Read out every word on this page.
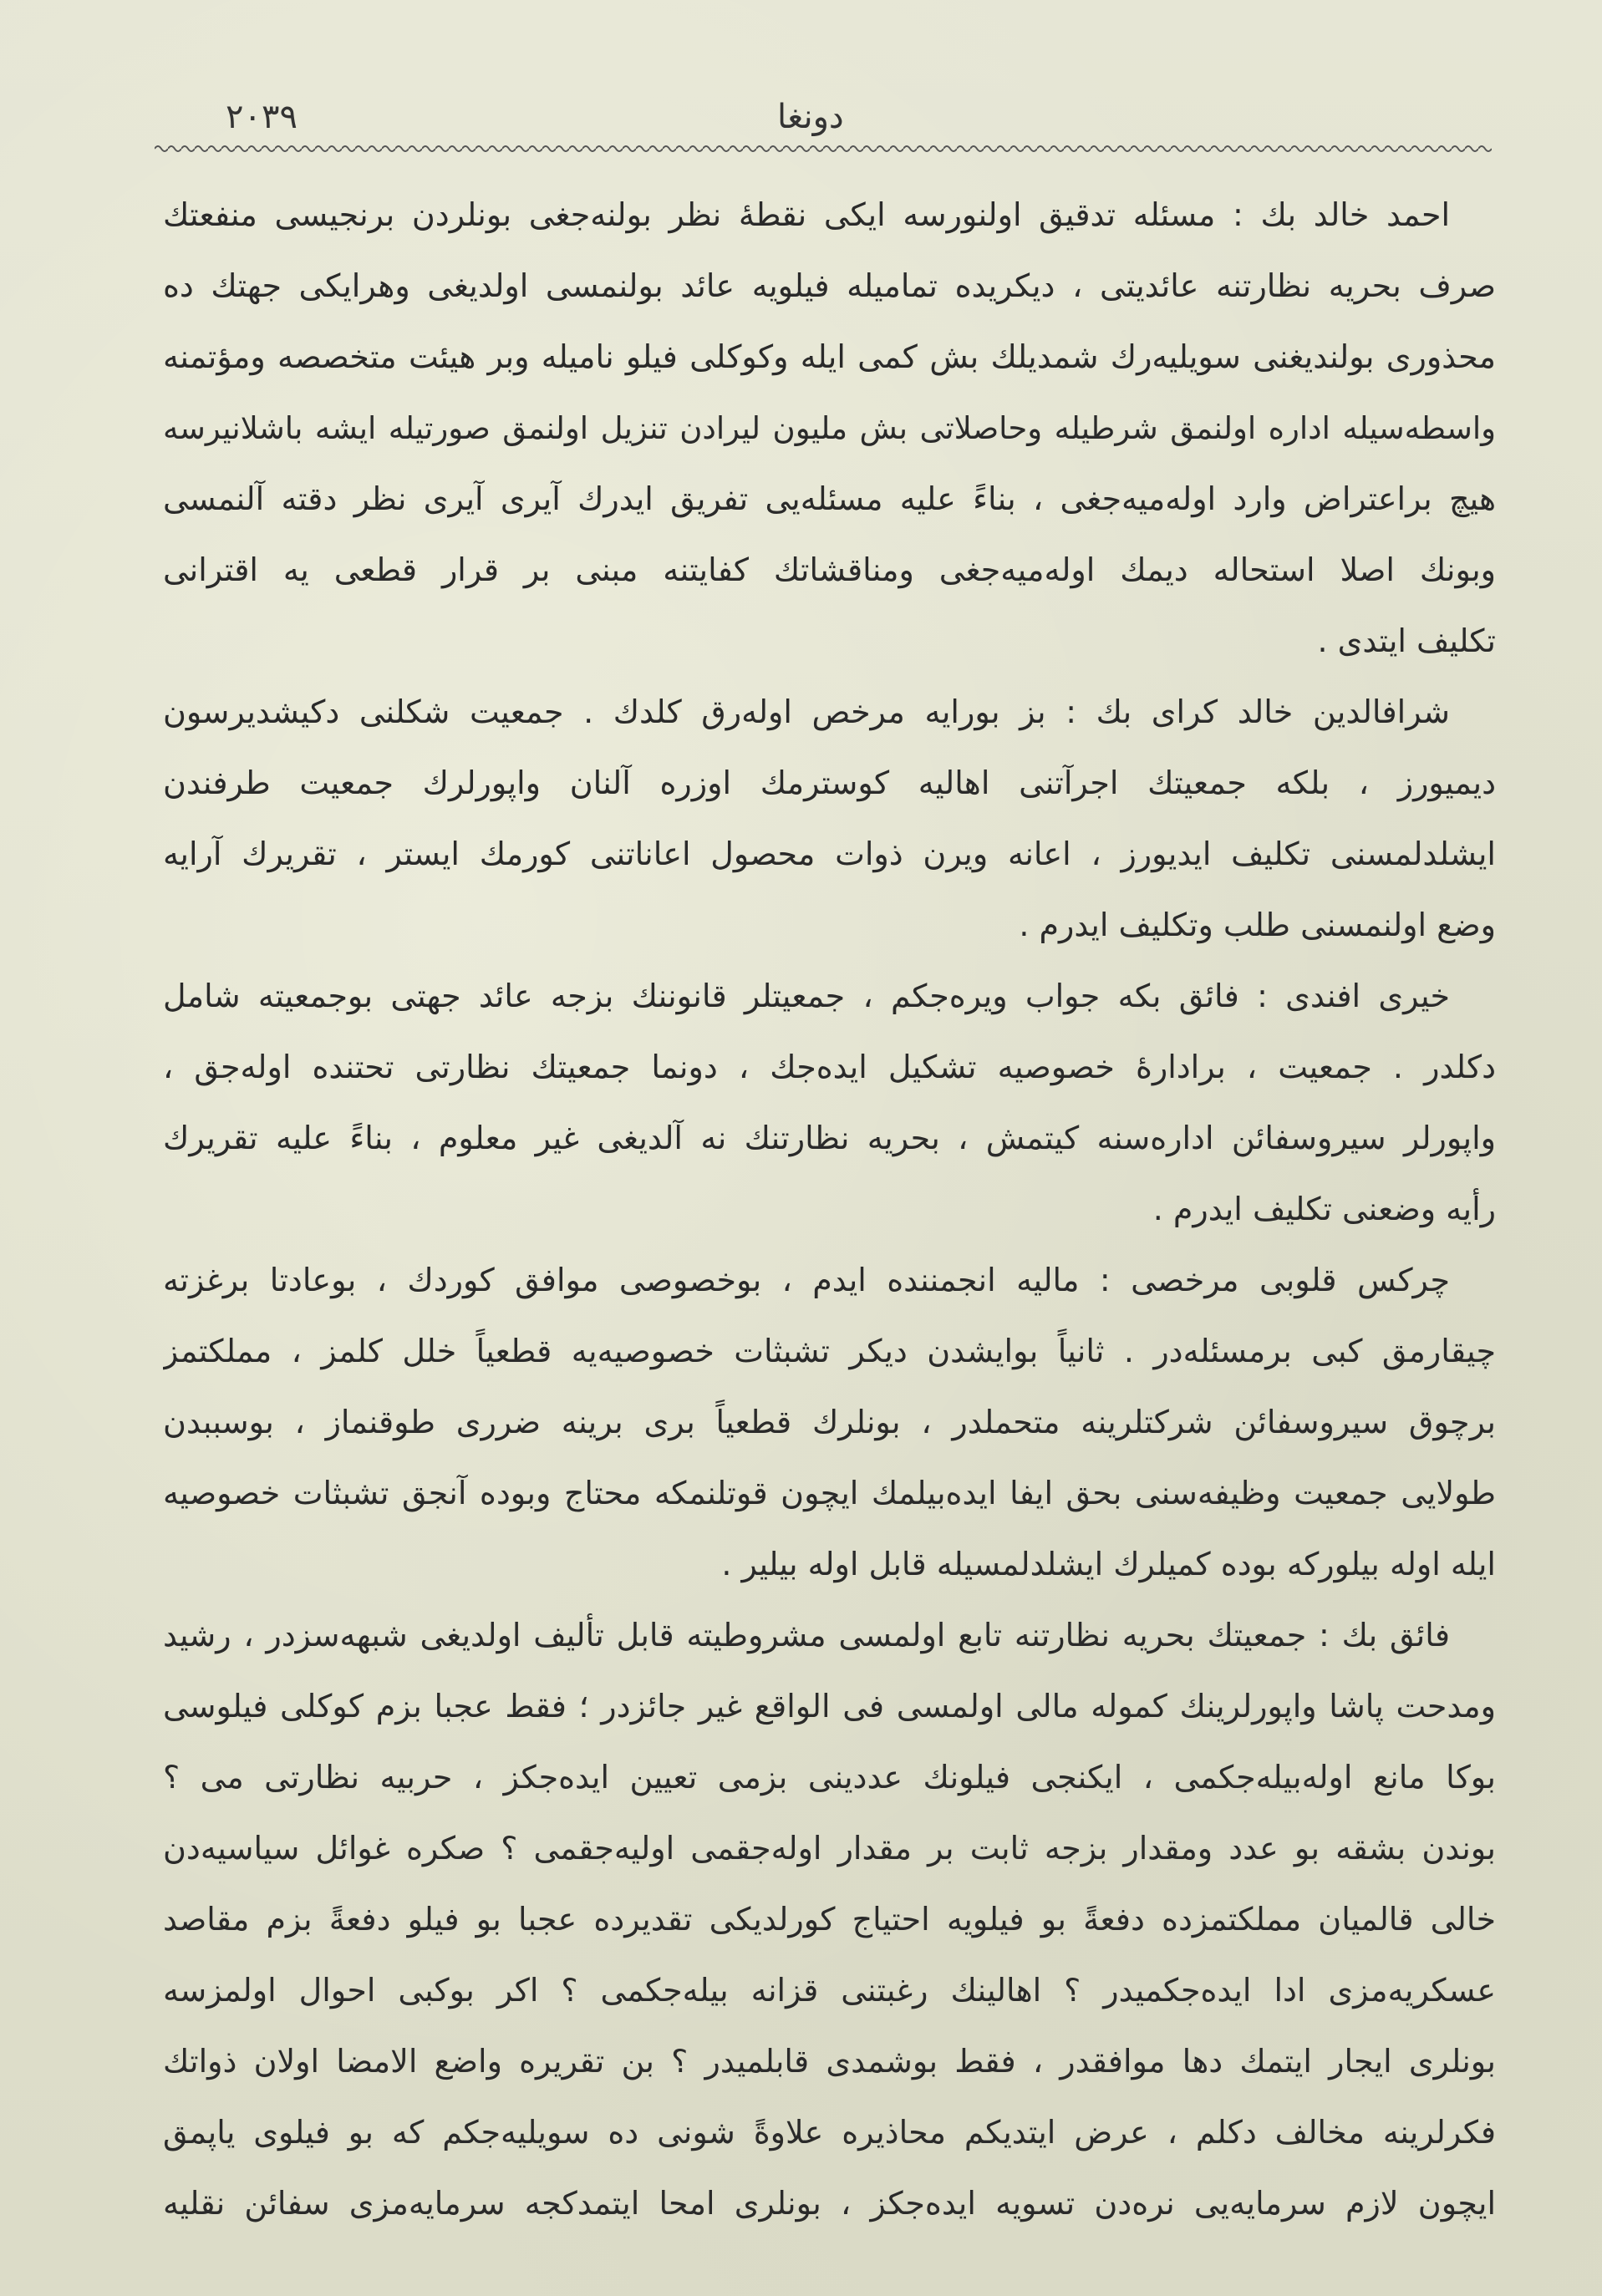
٢٠٣٩	دونغا
احمد خالد بك : مسئله تدقيق اولنورسه ايكى نقطهٔ نظر بولنه‌جغى بونلردن برنجيسى منفعتك
صرف بحريه نظارتنه عائديتى ، ديكريده تماميله فيلويه عائد بولنمسى اولديغى وهرايكى جهتك ده
محذورى بولنديغنى سويليه‌رك شمديلك بش كمى ايله وكوكلى فيلو ناميله وبر هيئت متخصصه ومؤتمنه
واسطه‌سيله اداره اولنمق شرطيله وحاصلاتى بش مليون ليرادن تنزيل اولنمق صورتيله ايشه باشلانيرسه
هيچ براعتراض وارد اوله‌ميه‌جغى ، بناءً عليه مسئله‌يى تفريق ايدرك آيرى آيرى نظر دقته آلنمسى
وبونك اصلا استحاله ديمك اوله‌ميه‌جغى ومناقشاتك كفايتنه مبنى بر قرار قطعى يه اقترانى
تكليف ايتدى .
شرافالدين خالد كراى بك : بز بورايه مرخص اوله‌رق كلدك . جمعيت شكلنى دكيشديرسون
ديميورز ، بلكه جمعيتك اجرآتنى اهاليه كوسترمك اوزره آلنان واپورلرك جمعيت طرفندن
ايشلدلمسنى تكليف ايديورز ، اعانه ويرن ذوات محصول اعاناتنى كورمك ايستر ، تقريرك آرايه
وضع اولنمسنى طلب وتكليف ايدرم .
خيرى افندى : فائق بكه جواب ويره‌جكم ، جمعيتلر قانوننك بزجه عائد جهتى بوجمعيته شامل
دكلدر . جمعيت ، براداره‌ٔ خصوصيه تشكيل ايده‌جك ، دونما جمعيتك نظارتى تحتنده اوله‌جق ،
واپورلر سيروسفائن اداره‌سنه كيتمش ، بحريه نظارتنك نه آلديغى غير معلوم ، بناءً عليه تقريرك
رأيه وضعنى تكليف ايدرم .
چركس قلوبى مرخصى : ماليه انجمننده ايدم ، بوخصوصى موافق كوردك ، بوعادتا برغزته
چيقارمق كبى برمسئله‌در . ثانياً بوايشدن ديكر تشبثات خصوصيه‌يه قطعياً خلل كلمز ، مملكتمز
برچوق سيروسفائن شركتلرينه متحملدر ، بونلرك قطعياً برى برينه ضررى طوقنماز ، بوسببدن
طولايى جمعيت وظيفه‌سنى بحق ايفا ايده‌بيلمك ايچون قوتلنمكه محتاج وبوده آنجق تشبثات خصوصيه
ايله اوله بيلوركه بوده كميلرك ايشلدلمسيله قابل اوله بيلير .
فائق بك : جمعيتك بحريه نظارتنه تابع اولمسى مشروطيته قابل تأليف اولديغى شبهه‌سزدر ، رشيد
ومدحت پاشا واپورلرينك كموله مالى اولمسى فى الواقع غير جائزدر ؛ فقط عجبا بزم كوكلى فيلوسى
بوكا مانع اوله‌بيله‌جكمى ، ايكنجى فيلونك عددينى بزمى تعيين ايده‌جكز ، حربيه نظارتى مى ؟
بوندن بشقه بو عدد ومقدار بزجه ثابت بر مقدار اوله‌جقمى اوليه‌جقمى ؟ صكره غوائل سياسيه‌دن
خالى قالميان مملكتمزده دفعةً بو فيلويه احتياج كورلديكى تقديرده عجبا بو فيلو دفعةً بزم مقاصد
عسكريه‌مزى ادا ايده‌جكميدر ؟ اهالينك رغبتنى قزانه بيله‌جكمى ؟ اكر بوكبى احوال اولمزسه
بونلرى ايجار ايتمك دها موافقدر ، فقط بوشمدى قابلميدر ؟ بن تقريره واضع الامضا اولان ذواتك
فكرلرينه مخالف دكلم ، عرض ايتديكم محاذيره علاوةً شونى ده سويليه‌جكم كه بو فيلوى ياپمق
ايچون لازم سرمايه‌يى نره‌دن تسويه ايده‌جكز ، بونلرى امحا ايتمدكجه سرمايه‌مزى سفائن نقليه
